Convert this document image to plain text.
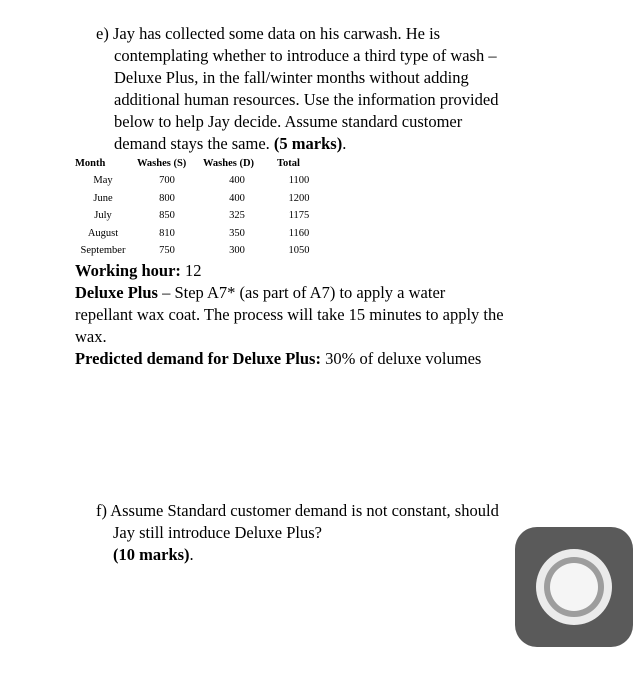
e) Jay has collected some data on his carwash. He is
contemplating whether to introduce a third type of wash –
Deluxe Plus, in the fall/winter months without adding
additional human resources. Use the information provided
below to help Jay decide. Assume standard customer
demand stays the same. (5 marks).
Month	Washes (S)	Washes (D)	Total
May	700	400	1100
June	800	400	1200
July	850	325	1175
August	810	350	1160
September	750	300	1050
Working hour: 12
Deluxe Plus – Step A7* (as part of A7) to apply a water
repellant wax coat. The process will take 15 minutes to apply the
wax.
Predicted demand for Deluxe Plus: 30% of deluxe volumes
f) Assume Standard customer demand is not constant, should
Jay still introduce Deluxe Plus?
(10 marks).
